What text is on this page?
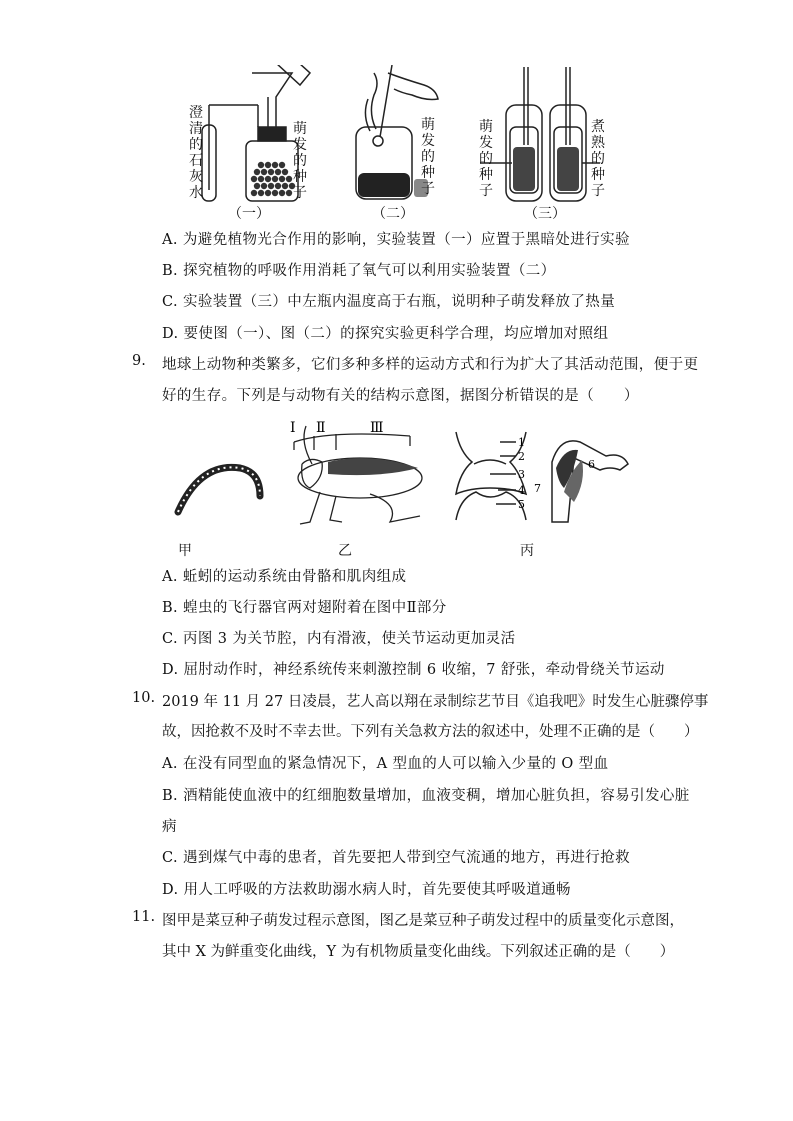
澄清的石灰水
萌发的种子
萌发的种子
萌发的种子
煮熟的种子
（一）	（二）	（三）
A. 为避免植物光合作用的影响，实验装置（一）应置于黑暗处进行实验
B. 探究植物的呼吸作用消耗了氧气可以利用实验装置（二）
C. 实验装置（三）中左瓶内温度高于右瓶，说明种子萌发释放了热量
D. 要使图（一）、图（二）的探究实验更科学合理，均应增加对照组
9. 地球上动物种类繁多，它们多种多样的运动方式和行为扩大了其活动范围，便于更
好的生存。下列是与动物有关的结构示意图，据图分析错误的是（　　）
Ⅰ Ⅱ	Ⅲ
1
2
3
4
5
6
7
甲	乙	丙
A. 蚯蚓的运动系统由骨骼和肌肉组成
B. 蝗虫的飞行器官两对翅附着在图中Ⅱ部分
C. 丙图 3 为关节腔，内有滑液，使关节运动更加灵活
D. 屈肘动作时，神经系统传来刺激控制 6 收缩，7 舒张，牵动骨绕关节运动
10. 2019 年 11 月 27 日凌晨，艺人高以翔在录制综艺节目《追我吧》时发生心脏骤停事
故，因抢救不及时不幸去世。下列有关急救方法的叙述中，处理不正确的是（　　）
A. 在没有同型血的紧急情况下，A 型血的人可以输入少量的 O 型血
B. 酒精能使血液中的红细胞数量增加，血液变稠，增加心脏负担，容易引发心脏
病
C. 遇到煤气中毒的患者，首先要把人带到空气流通的地方，再进行抢救
D. 用人工呼吸的方法救助溺水病人时，首先要使其呼吸道通畅
11. 图甲是菜豆种子萌发过程示意图，图乙是菜豆种子萌发过程中的质量变化示意图，
其中 X 为鲜重变化曲线，Y 为有机物质量变化曲线。下列叙述正确的是（　　）
